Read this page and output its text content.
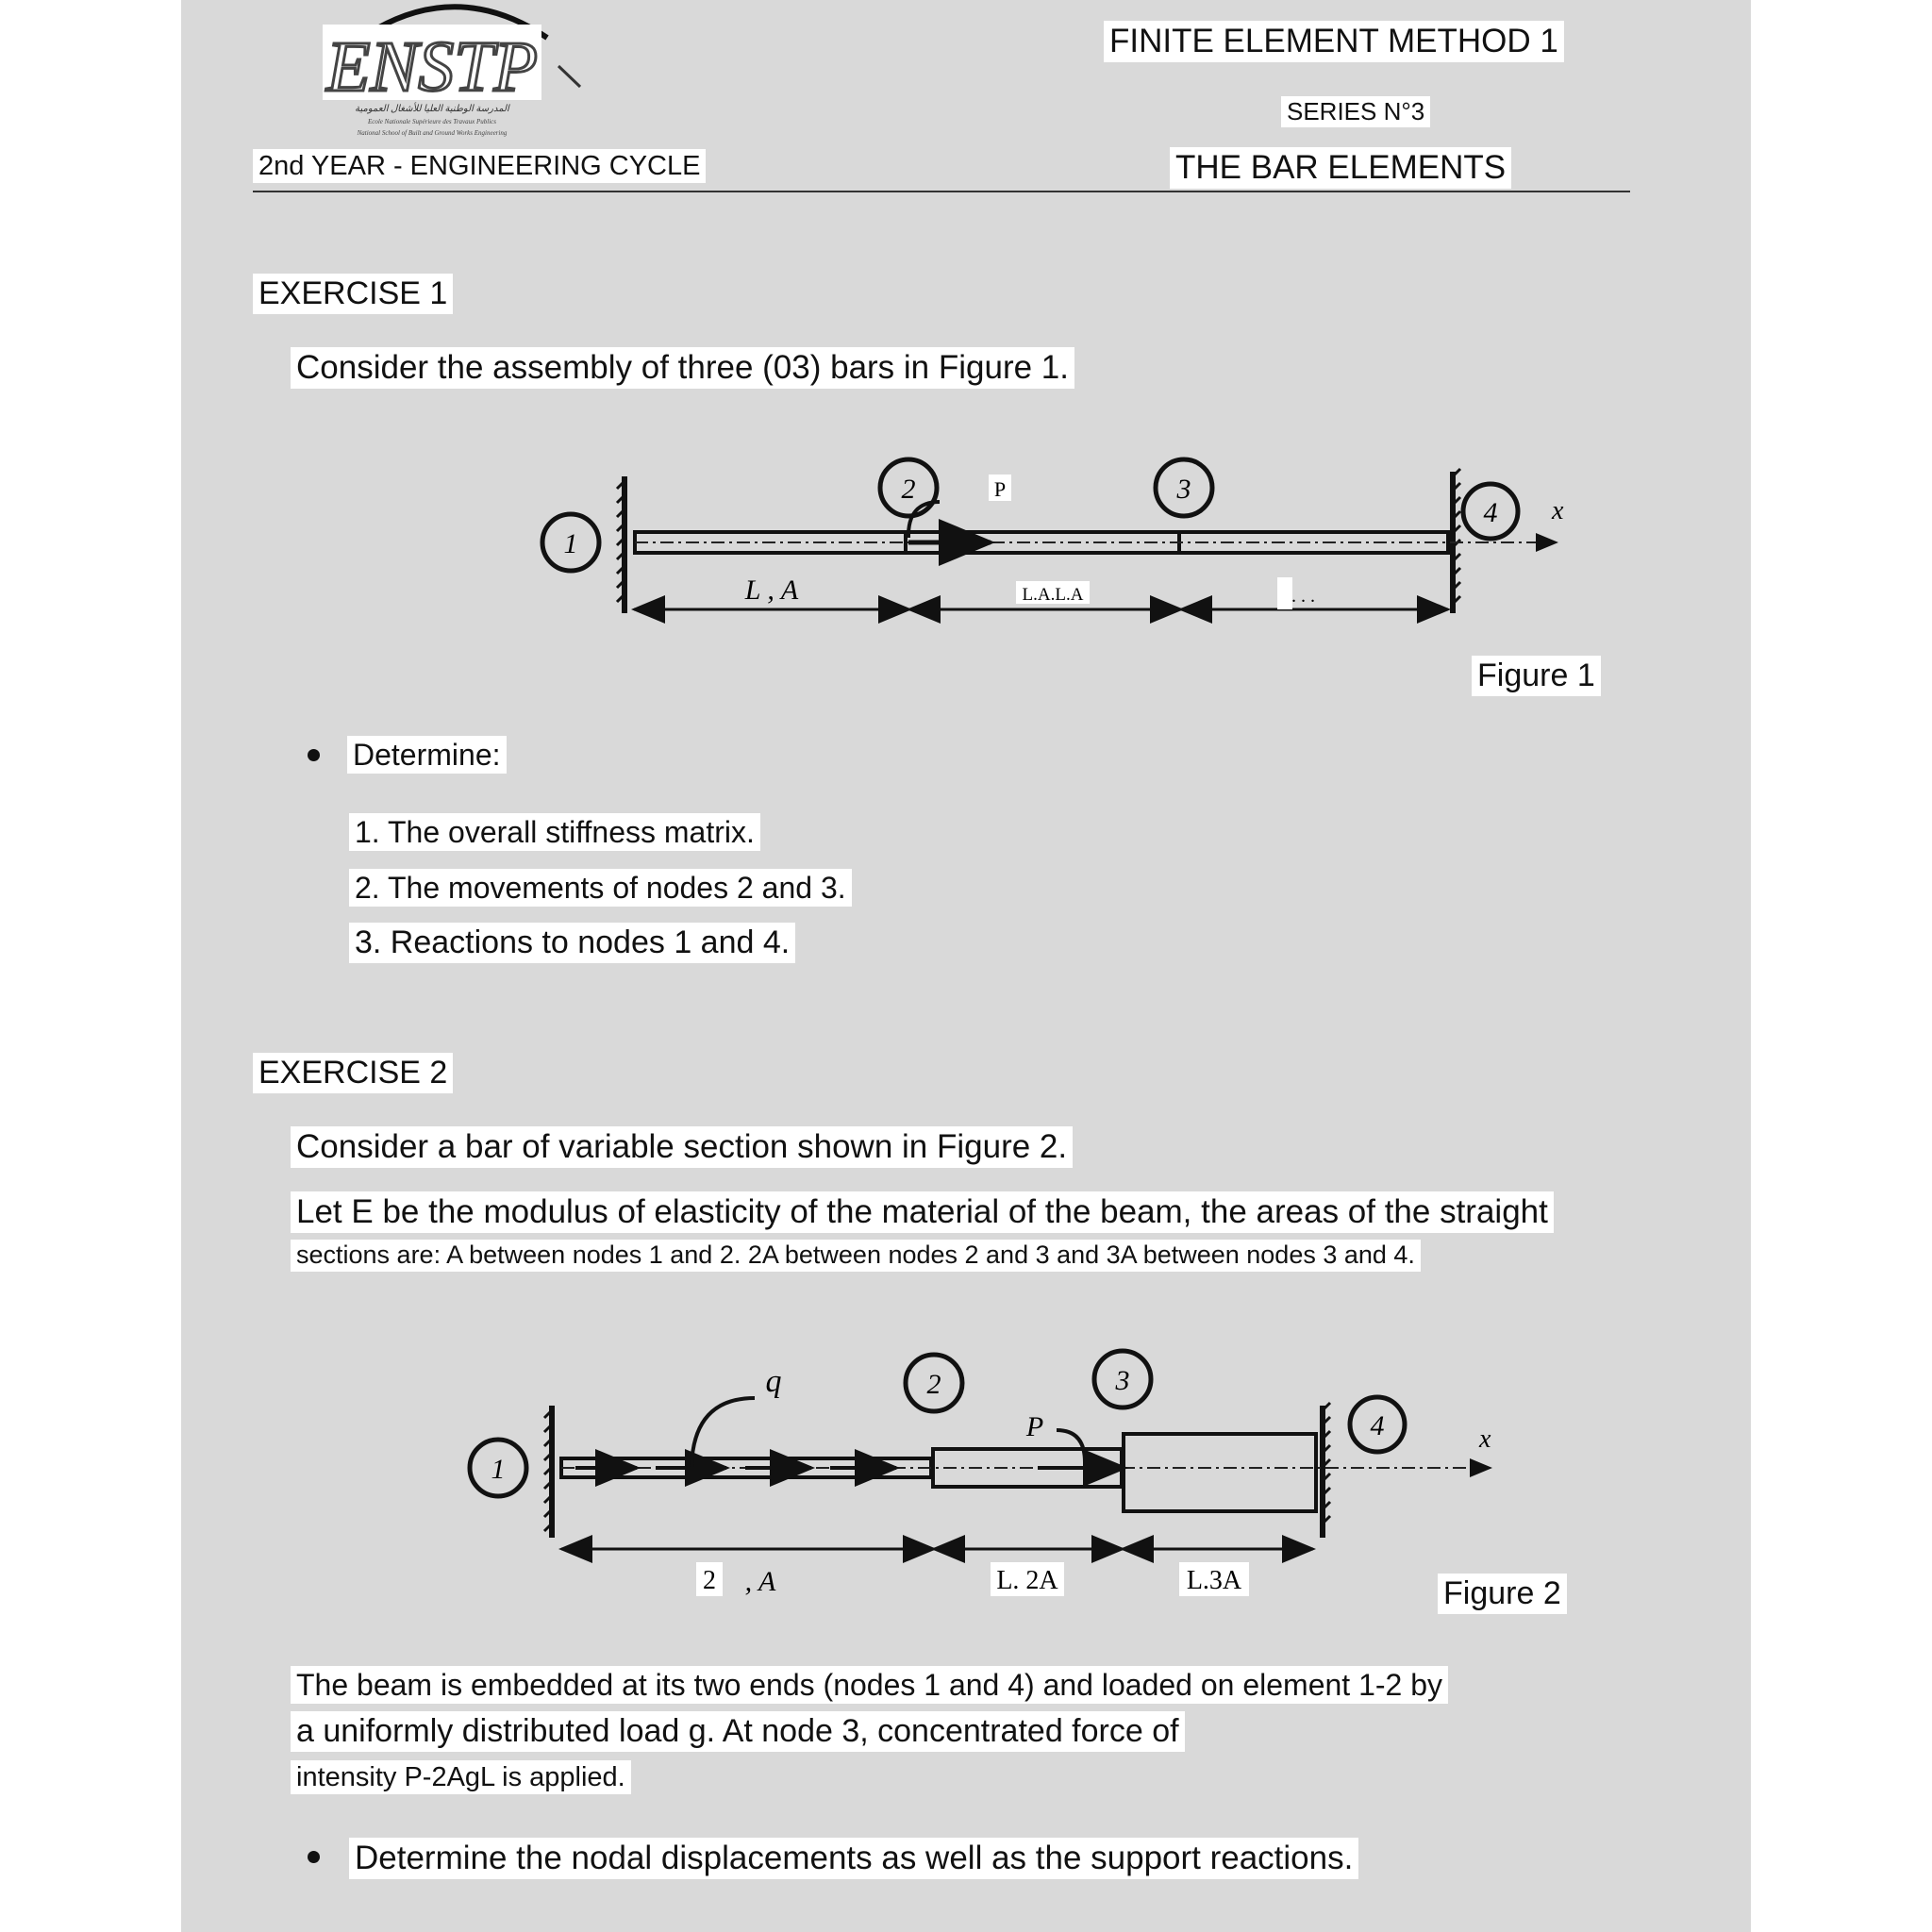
ENSTP
المدرسة الوطنية العليا للأشغال العمومية
Ecole Nationale Supérieure des Travaux Publics
National School of Built and Ground Works Engineering
2nd YEAR - ENGINEERING CYCLE
FINITE ELEMENT METHOD 1
SERIES N°3
THE BAR ELEMENTS
EXERCISE 1
Consider the assembly of three (03) bars in Figure 1.
x
P
1
2	3
4
L , A	L.A.L.A	. . .
Figure 1
Determine:
1. The overall stiffness matrix.
2. The movements of nodes 2 and 3.
3. Reactions to nodes 1 and 4.
EXERCISE 2
Consider a bar of variable section shown in Figure 2.
Let E be the modulus of elasticity of the material of the beam, the areas of the straight
sections are: A between nodes 1 and 2. 2A between nodes 2 and 3 and 3A between nodes 3 and 4.
x
q
P
1
2	3
4
2 , A	L. 2A	L.3A	Figure 2
The beam is embedded at its two ends (nodes 1 and 4) and loaded on element 1-2 by
a uniformly distributed load g. At node 3, concentrated force of
intensity P-2AgL is applied.
Determine the nodal displacements as well as the support reactions.
